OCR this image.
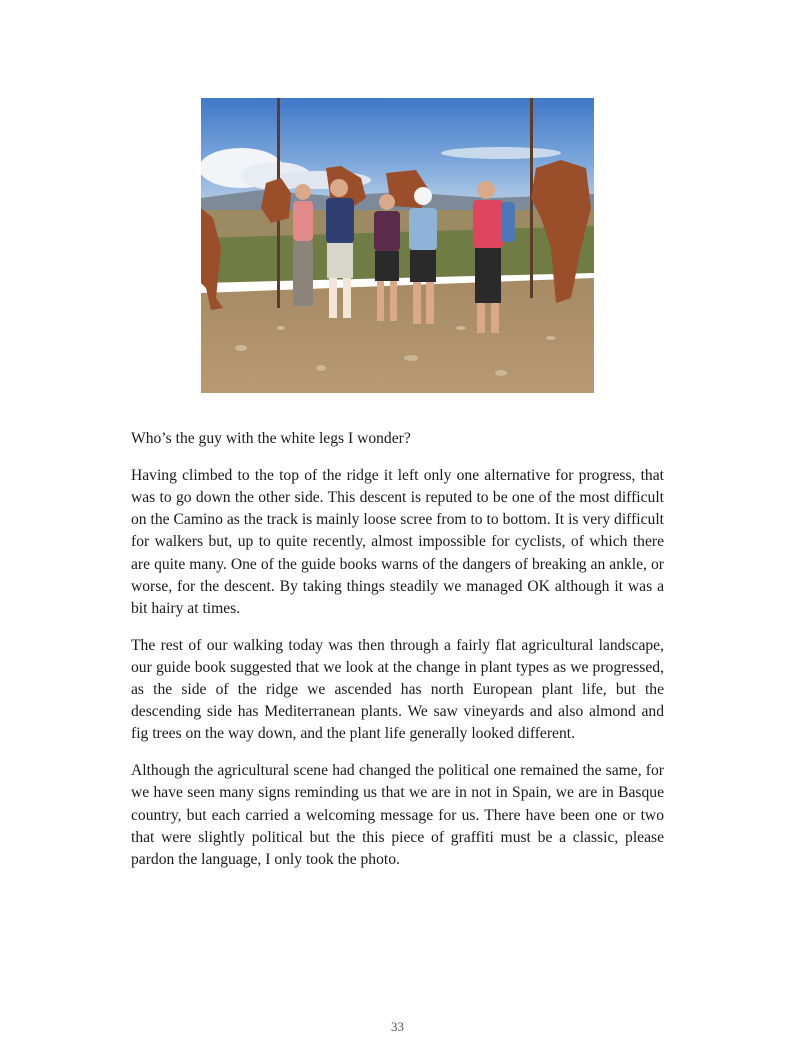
Who’s the guy with the white legs I wonder?

Having climbed to the top of the ridge it left only one alternative for progress, that was to go down the other side. This descent is reputed to be one of the most difficult on the Camino as the track is mainly loose scree from to to bottom. It is very difficult for walkers but, up to quite recently, almost impossible for cyclists, of which there are quite many. One of the guide books warns of the dangers of breaking an ankle, or worse, for the descent. By taking things steadily we managed OK although it was a bit hairy at times.

The rest of our walking today was then through a fairly flat agricultural landscape, our guide book suggested that we look at the change in plant types as we progressed, as the side of the ridge we ascended has north European plant life, but the descending side has Mediterranean plants. We saw vineyards and also almond and fig trees on the way down, and the plant life generally looked different.

Although the agricultural scene had changed the political one remained the same, for we have seen many signs reminding us that we are in not in Spain, we are in Basque country, but each carried a welcoming message for us. There have been one or two that were slightly political but the this piece of graffiti must be a classic, please pardon the language, I only took the photo.

33
